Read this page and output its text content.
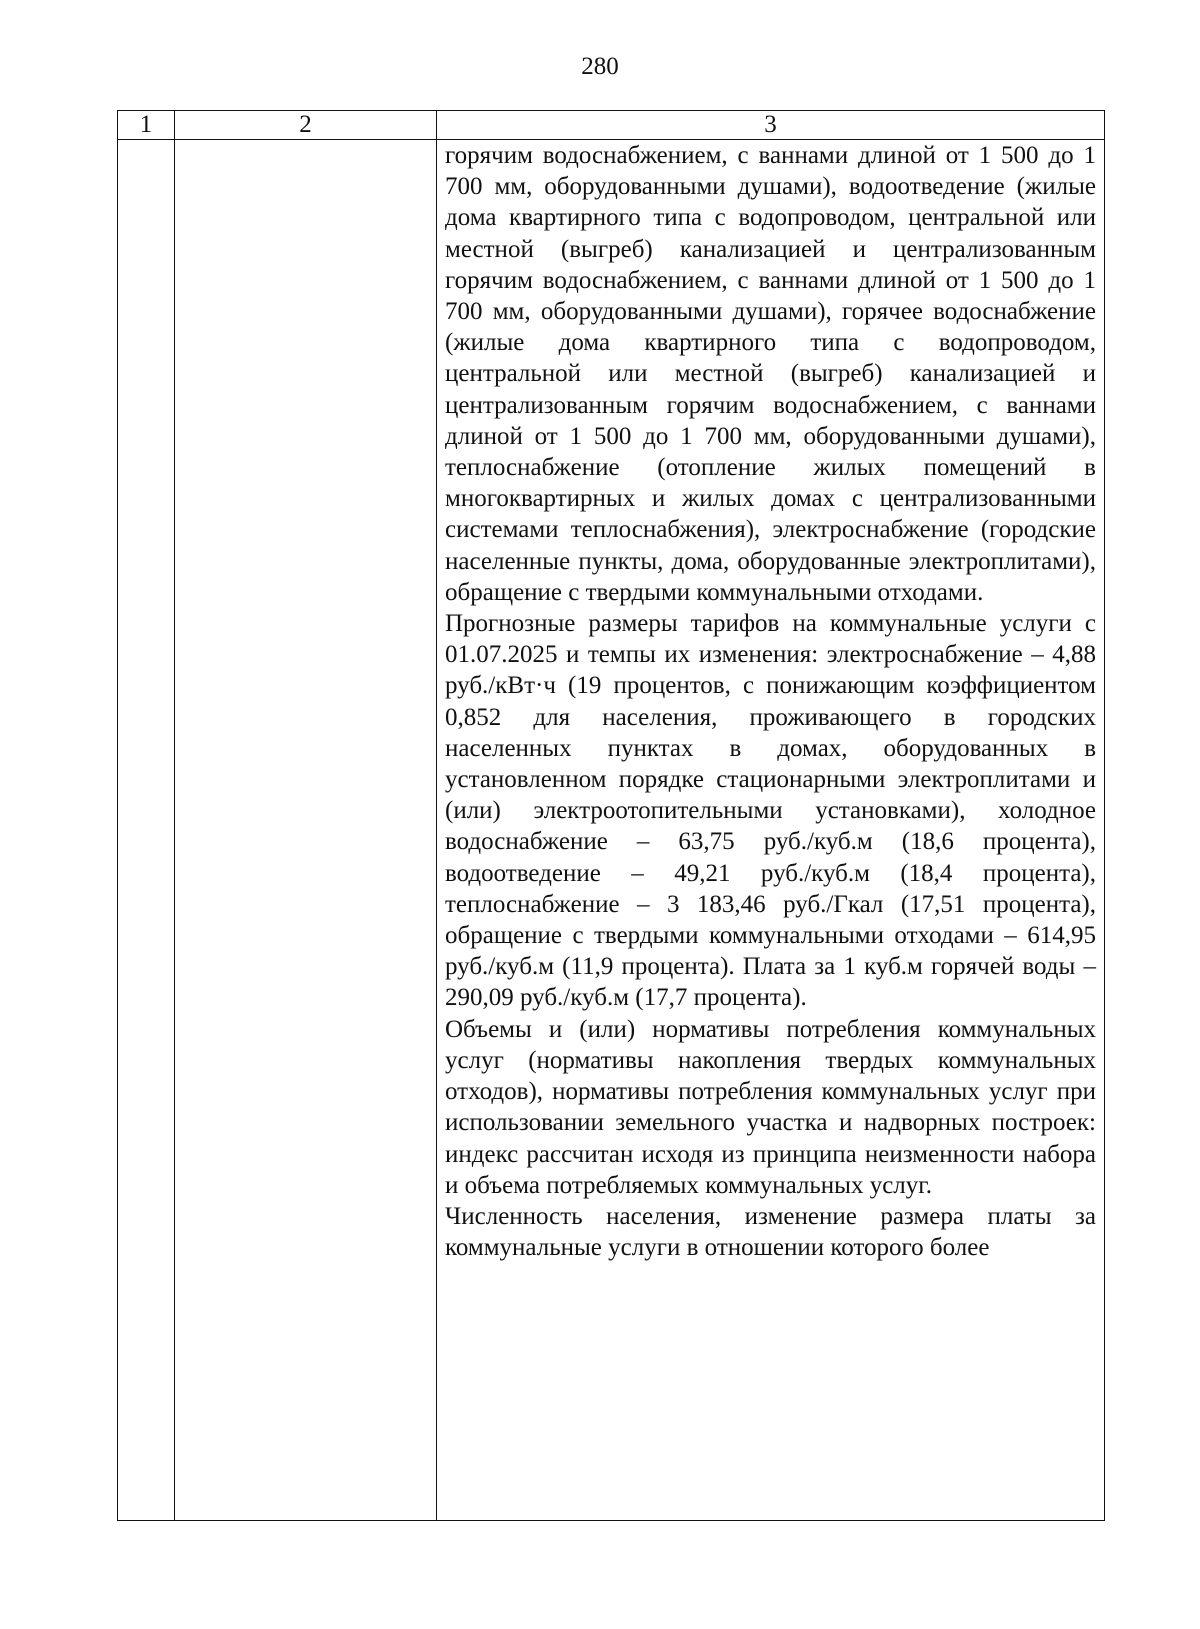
280
1	2	3

		горячим водоснабжением, с ваннами длиной от 1 500 до 1 700 мм, оборудованными душами), водоотведение (жилые дома квартирного типа с водопроводом, центральной или местной (выгреб) канализацией и централизованным горячим водоснабжением, с ваннами длиной от 1 500 до 1 700 мм, оборудованными душами), горячее водоснабжение (жилые дома квартирного типа с водопроводом, центральной или местной (выгреб) канализацией и централизованным горячим водоснабжением, с ваннами длиной от 1 500 до 1 700 мм, оборудованными душами), теплоснабжение (отопление жилых помещений в многоквартирных и жилых домах с централизованными системами теплоснабжения), электроснабжение (городские населенные пункты, дома, оборудованные электроплитами), обращение с твердыми коммунальными отходами.

Прогнозные размеры тарифов на коммунальные услуги с 01.07.2025 и темпы их изменения: электроснабжение – 4,88 руб./кВт·ч (19 процентов, с понижающим коэффициентом 0,852 для населения, проживающего в городских населенных пунктах в домах, оборудованных в установленном порядке стационарными электроплитами и (или) электроотопительными установками), холодное водоснабжение – 63,75 руб./куб.м (18,6 процента), водоотведение – 49,21 руб./куб.м (18,4 процента), теплоснабжение – 3 183,46 руб./Гкал (17,51 процента), обращение с твердыми коммунальными отходами – 614,95 руб./куб.м (11,9 процента). Плата за 1 куб.м горячей воды – 290,09 руб./куб.м (17,7 процента).

Объемы и (или) нормативы потребления коммунальных услуг (нормативы накопления твердых коммунальных отходов), нормативы потребления коммунальных услуг при использовании земельного участка и надворных построек: индекс рассчитан исходя из принципа неизменности набора и объема потребляемых коммунальных услуг.

Численность населения, изменение размера платы за коммунальные услуги в отношении которого более
